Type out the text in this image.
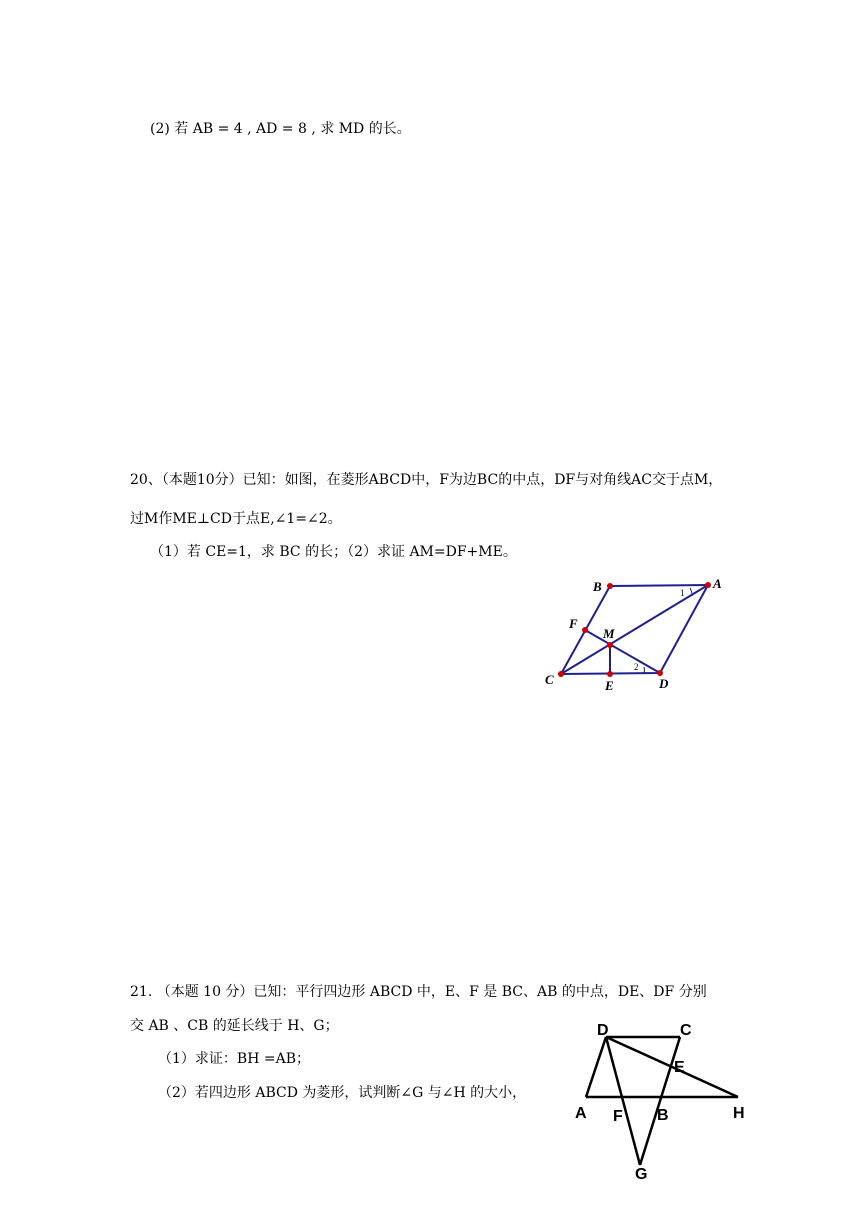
(2) 若 AB = 4 , AD = 8 , 求 MD 的长。
20、（本题10分）已知：如图，在菱形ABCD中，F为边BC的中点，DF与对角线AC交于点M，
过M作ME⊥CD于点E,∠1=∠2。
（1）若 CE=1，求 BC 的长；（2）求证 AM=DF+ME。
B	A
F
M
C	E	D
1
2
21. （本题 10 分）已知：平行四边形 ABCD 中，E、F 是 BC、AB 的中点，DE、DF 分别
交 AB 、CB 的延长线于 H、G；
（1）求证：BH =AB；
（2）若四边形 ABCD 为菱形，试判断∠G 与∠H 的大小，
D	C
E
A F B	H
G
